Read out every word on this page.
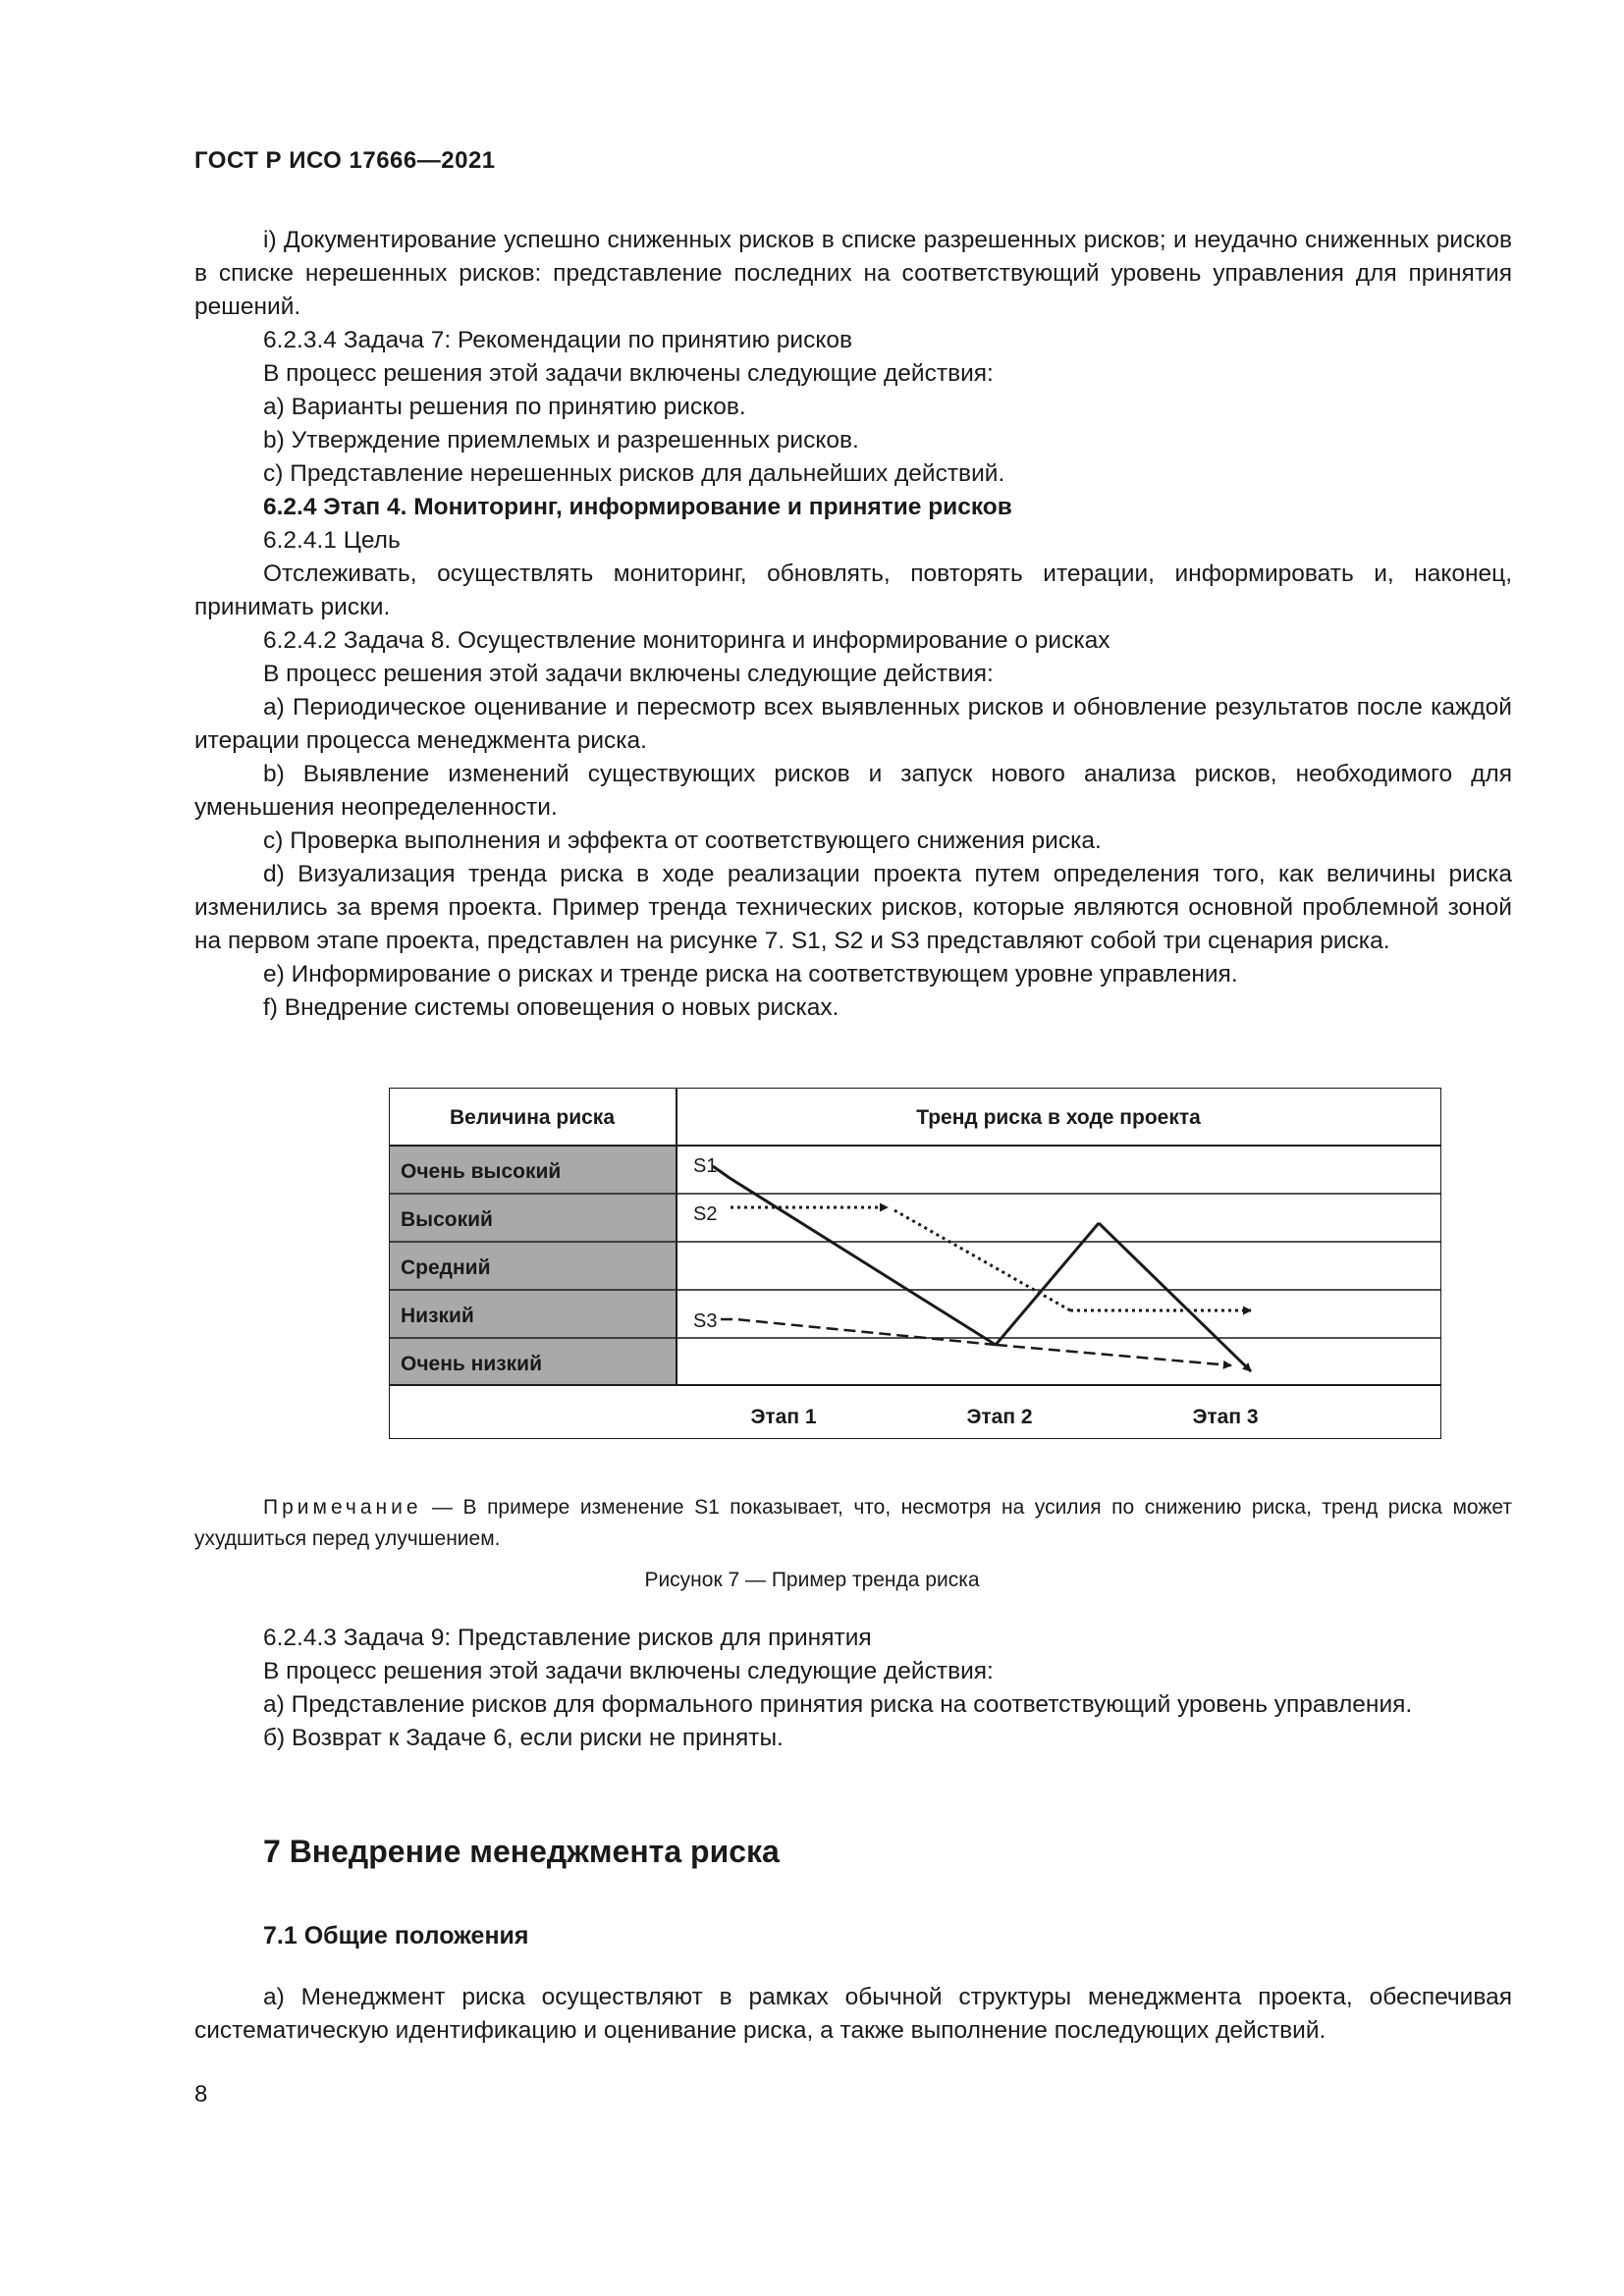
ГОСТ Р ИСО 17666—2021

i) Документирование успешно сниженных рисков в списке разрешенных рисков; и неудачно сниженных рисков в списке нерешенных рисков: представление последних на соответствующий уровень управления для принятия решений.

6.2.3.4 Задача 7: Рекомендации по принятию рисков

В процесс решения этой задачи включены следующие действия:

a) Варианты решения по принятию рисков.

b) Утверждение приемлемых и разрешенных рисков.

c) Представление нерешенных рисков для дальнейших действий.

6.2.4 Этап 4. Мониторинг, информирование и принятие рисков

6.2.4.1 Цель

Отслеживать, осуществлять мониторинг, обновлять, повторять итерации, информировать и, наконец, принимать риски.

6.2.4.2 Задача 8. Осуществление мониторинга и информирование о рисках

В процесс решения этой задачи включены следующие действия:

a) Периодическое оценивание и пересмотр всех выявленных рисков и обновление результатов после каждой итерации процесса менеджмента риска.

b) Выявление изменений существующих рисков и запуск нового анализа рисков, необходимого для уменьшения неопределенности.

c) Проверка выполнения и эффекта от соответствующего снижения риска.

d) Визуализация тренда риска в ходе реализации проекта путем определения того, как величины риска изменились за время проекта. Пример тренда технических рисков, которые являются основной проблемной зоной на первом этапе проекта, представлен на рисунке 7. S1, S2 и S3 представляют собой три сценария риска.

e) Информирование о рисках и тренде риска на соответствующем уровне управления.

f) Внедрение системы оповещения о новых рисках.

Величина риска	Тренд риска в ходе проекта
Очень высокий
Высокий
Средний
Низкий
Очень низкий
Этап 1	Этап 2	Этап 3
S1
S2
S3
Примечание — В примере изменение S1 показывает, что, несмотря на усилия по снижению риска, тренд риска может ухудшиться перед улучшением.
Рисунок 7 — Пример тренда риска

6.2.4.3 Задача 9: Представление рисков для принятия

В процесс решения этой задачи включены следующие действия:

а) Представление рисков для формального принятия риска на соответствующий уровень управления.

б) Возврат к Задаче 6, если риски не приняты.

7 Внедрение менеджмента риска
7.1 Общие положения

a) Менеджмент риска осуществляют в рамках обычной структуры менеджмента проекта, обеспечивая систематическую идентификацию и оценивание риска, а также выполнение последующих действий.

8
